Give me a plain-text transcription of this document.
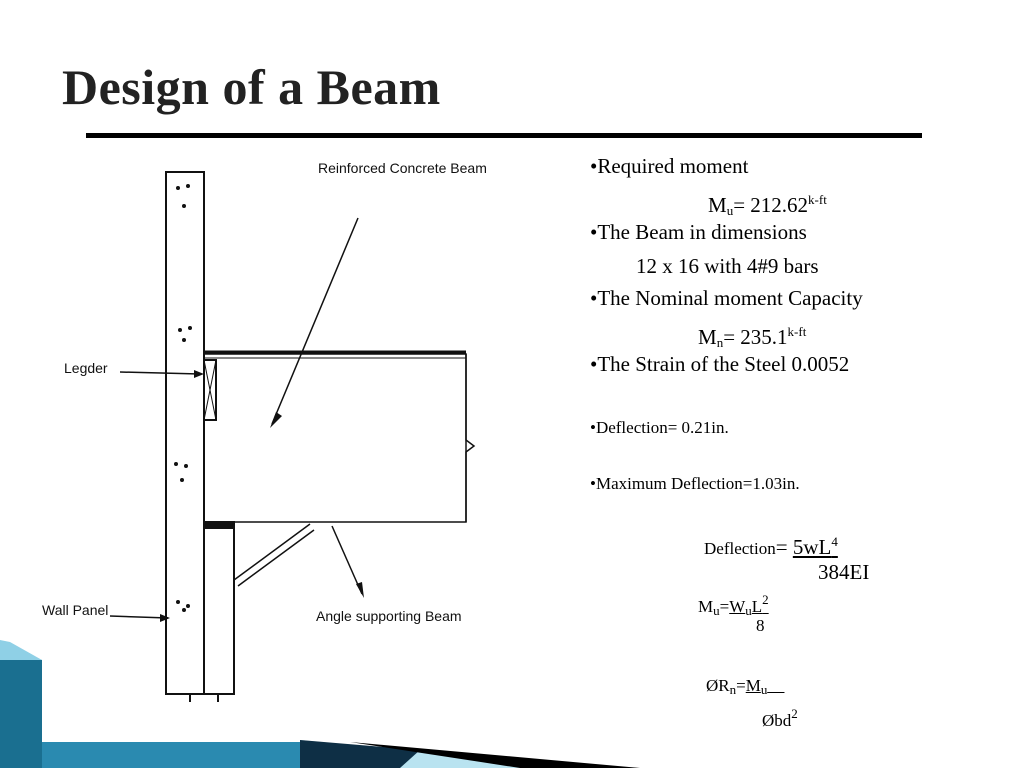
Design of a Beam
Reinforced Concrete Beam
Legder
Wall Panel	Angle supporting Beam
•Required moment
$M_u= 212.62^{k-ft}$
•The Beam in dimensions
12 x 16 with 4#9 bars
•The Nominal moment Capacity
$M_n= 235.1^{k-ft}$
•The Strain of the Steel 0.0052
•Deflection= 0.21in.
•Maximum Deflection=1.03in.
Deflection= $5wL^4$
384EI
$M_u=W_uL^2$
8
$ØR_n=M_u\_\_$
Øbd$^2$
